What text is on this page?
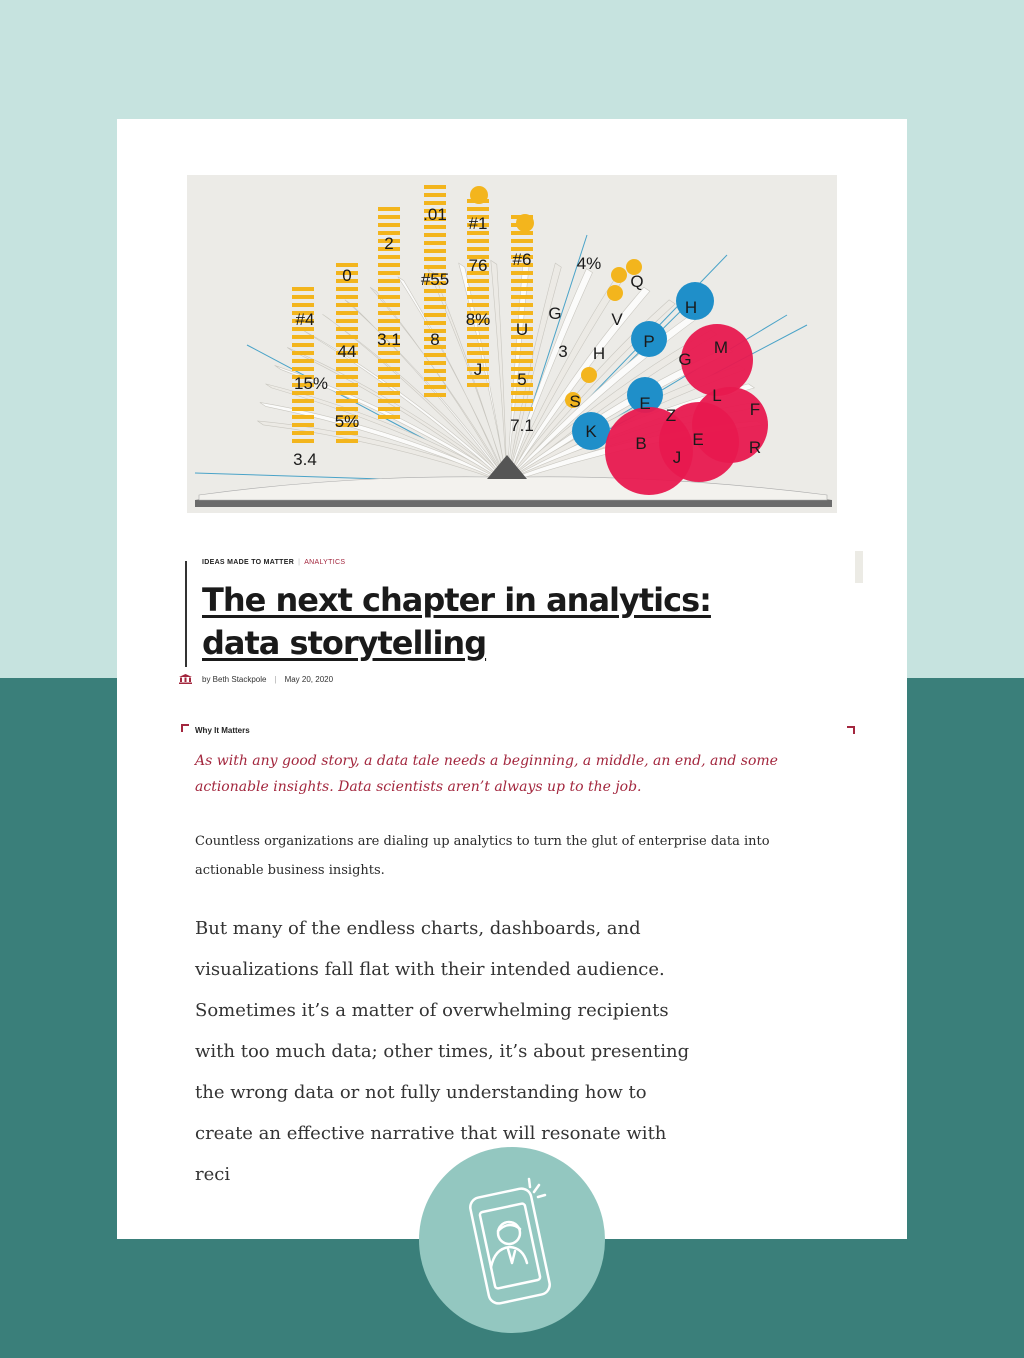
3.4
15%
#4
5%
44
0
3.1
2
8
#55
.01
J
8%
76
#1
7.1
5
U
#6
G
3
4%
H
V
Q
S
K
B
J
E
Z
E	L
F
R
G
M
P
H
IDEAS MADE TO MATTER | ANALYTICS
The next chapter in analytics: data storytelling
by Beth Stackpole | May 20, 2020
Why It Matters

As with any good story, a data tale needs a beginning, a middle, an end, and some actionable insights. Data scientists aren’t always up to the job.

Countless organizations are dialing up analytics to turn the glut of enterprise data into actionable business insights.

But many of the endless charts, dashboards, and visualizations fall flat with their intended audience. Sometimes it’s a matter of overwhelming recipients with too much data; other times, it’s about presenting the wrong data or not fully understanding how to create an effective narrative that will resonate with reci
